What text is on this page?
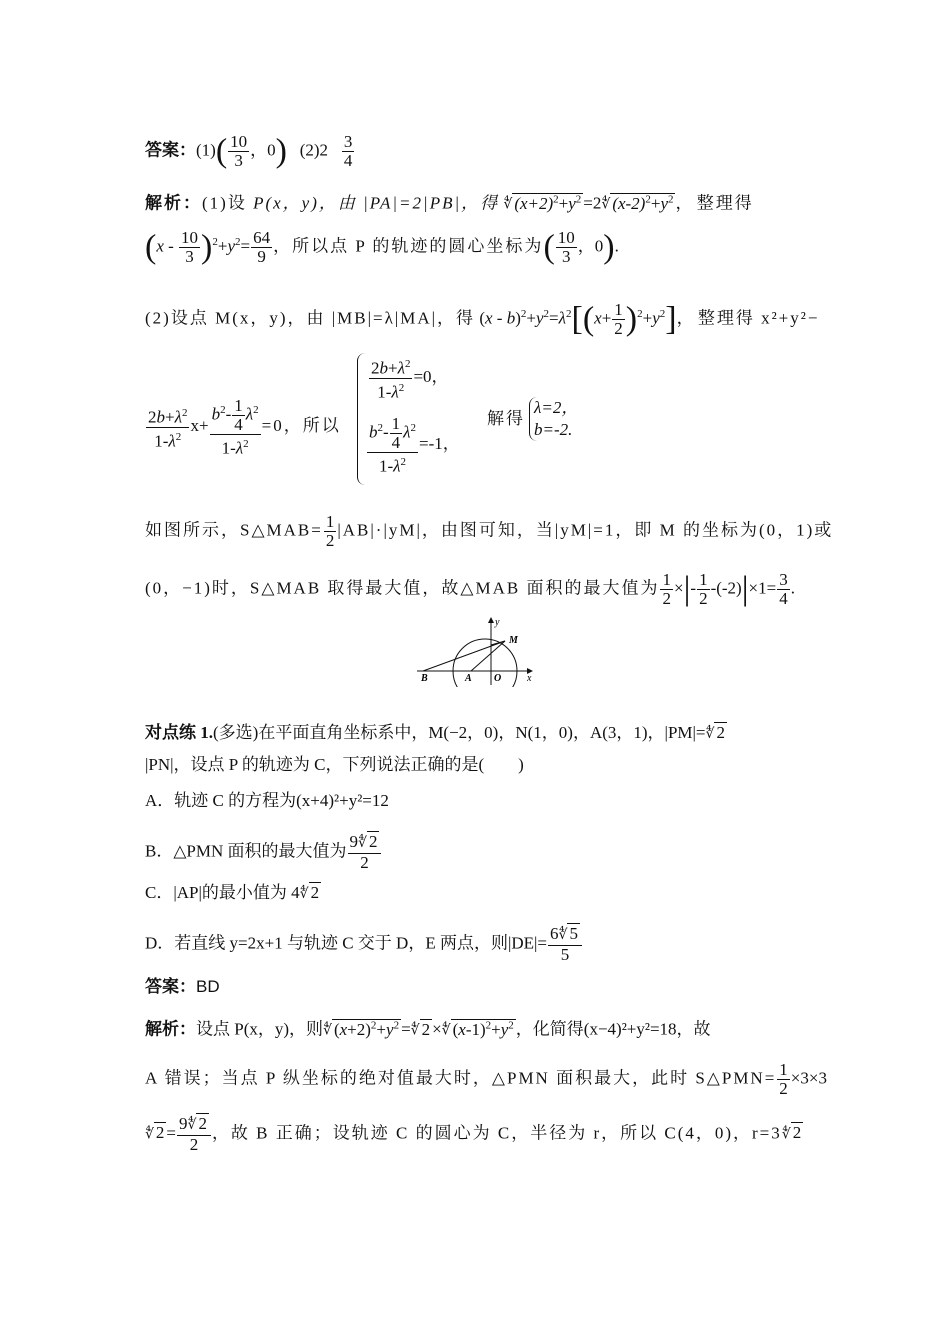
答案：$(1)( \frac{10}{3}$ ，0) $(2)2 \frac{3}{4}$
解析：(1)设 P(x，y)，由 |PA|=2|PB|，得 ∜ $(x+2)^2+y^2$ =2∜ $(x-2)^2+y^2$ ， 整理得
$(x - \frac{10}{3} )^2+y^2= \frac{64}{9}$ ，所以点 P 的轨迹的圆心坐标为( $\frac{10}{3}$ ，0).
(2)设点 M(x，y)，由 |MB|=λ|MA|，得 $(x - b)^2+y^2=\lambda^2[(x+ \frac{1}{2} )^2+y^2]$， 整理得 x²+y²−
$\frac{2b+\lambda^2}{1-\lambda^2} x+ \frac{b^2- \frac{1}{4} \lambda^2}{1-\lambda^2} =0$，所以
$\frac{2b+\lambda^2}{1-\lambda^2} =0$，
$\frac{b^2- \frac{1}{4} \lambda^2}{1-\lambda^2} =-1$，
解得
λ=2，
b=-2.
如图所示，S△MAB= $\frac{1}{2} |AB|\cdot|yM|$，由图可知，当|yM|=1，即 M 的坐标为(0，1)或
(0，−1)时，S△MAB 取得最大值，故△MAB 面积的最大值为 $\frac{1}{2}$ ×|- $\frac{1}{2} -(-2)|\times 1= \frac{3}{4}$ .
y
x
M
B	A O
对点练 1.(多选)在平面直角坐标系中，M(−2，0)，N(1，0)，A(3，1)，|PM|=∜ 2
|PN|，设点 P 的轨迹为 C，下列说法正确的是(　　)
A．轨迹 C 的方程为(x+4)²+y²=12
B．△PMN 面积的最大值为 $\frac{9∜ 2}{2}$
C．|AP|的最小值为 4∜ 2
D．若直线 y=2x+1 与轨迹 C 交于 D，E 两点，则$|DE|= \frac{6∜ 5}{5}$
答案：BD
解析：设点 P(x，y)，则∜ $(x+2)^2+y^2$ =∜ 2 ×∜ $(x-1)^2+y^2$ ，化简得(x−4)²+y²=18，故
A 错误；当点 P 纵坐标的绝对值最大时，△PMN 面积最大，此时 S△PMN= $\frac{1}{2} \times 3\times 3$
∜ $2 = \frac{9∜ 2}{2}$ ，故 B 正确；设轨迹 C 的圆心为 C，半径为 r，所以 C(4，0)，r=3∜ 2
